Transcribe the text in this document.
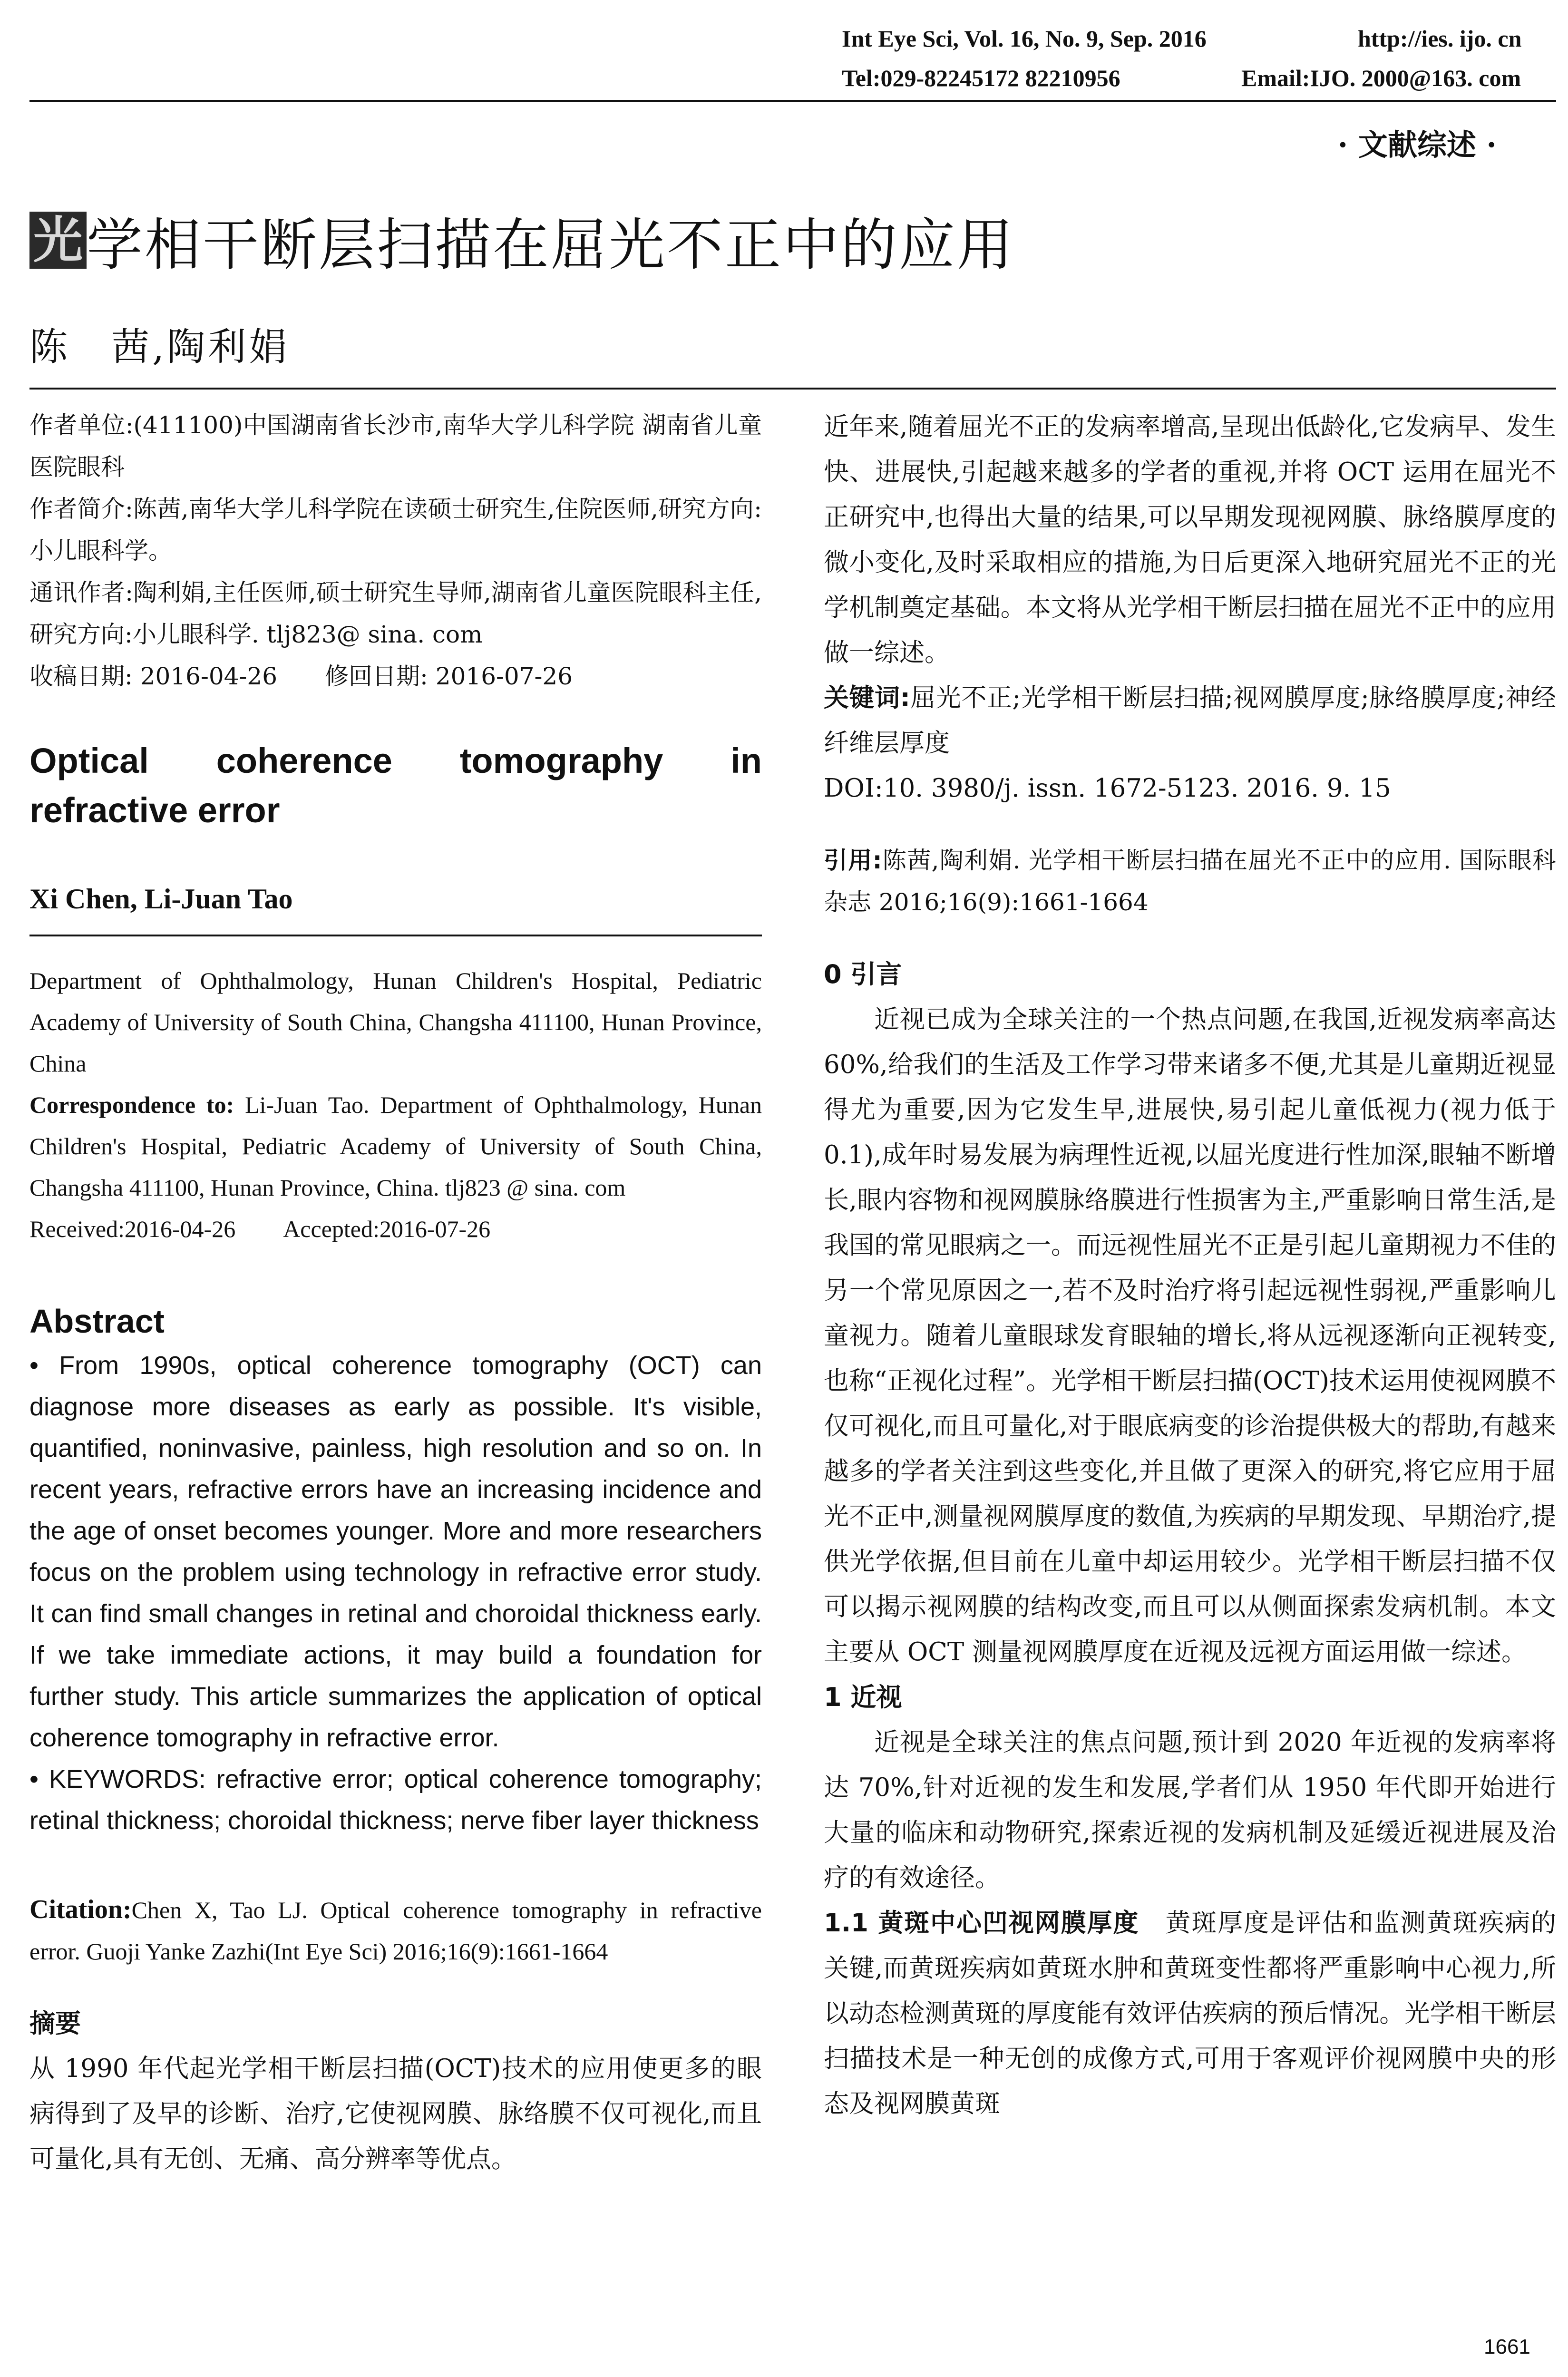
Int Eye Sci, Vol. 16, No. 9, Sep. 2016	http://ies. ijo. cn
Tel:029-82245172 82210956	Email:IJO. 2000@163. com
· 文献综述 ·
光 学相干断层扫描在屈光不正中的应用
陈　茜,陶利娟

作者单位:(411100)中国湖南省长沙市,南华大学儿科学院 湖南省儿童医院眼科

作者简介:陈茜,南华大学儿科学院在读硕士研究生,住院医师,研究方向:小儿眼科学。

通讯作者:陶利娟,主任医师,硕士研究生导师,湖南省儿童医院眼科主任,研究方向:小儿眼科学. tlj823@ sina. com

收稿日期: 2016-04-26　　修回日期: 2016-07-26

Optical coherence tomography in
refractive error
Xi Chen, Li-Juan Tao

Department of Ophthalmology, Hunan Children's Hospital, Pediatric Academy of University of South China, Changsha 411100, Hunan Province, China

Correspondence to: Li-Juan Tao. Department of Ophthalmology, Hunan Children's Hospital, Pediatric Academy of University of South China, Changsha 411100, Hunan Province, China. tlj823 @ sina. com

Received:2016-04-26　　Accepted:2016-07-26

Abstract

• From 1990s, optical coherence tomography (OCT) can diagnose more diseases as early as possible. It's visible, quantified, noninvasive, painless, high resolution and so on. In recent years, refractive errors have an increasing incidence and the age of onset becomes younger. More and more researchers focus on the problem using technology in refractive error study. It can find small changes in retinal and choroidal thickness early. If we take immediate actions, it may build a foundation for further study. This article summarizes the application of optical coherence tomography in refractive error.

• KEYWORDS: refractive error; optical coherence tomography; retinal thickness; choroidal thickness; nerve fiber layer thickness

Citation:Chen X, Tao LJ. Optical coherence tomography in refractive error. Guoji Yanke Zazhi(Int Eye Sci) 2016;16(9):1661-1664

摘要

从 1990 年代起光学相干断层扫描(OCT)技术的应用使更多的眼病得到了及早的诊断、治疗,它使视网膜、脉络膜不仅可视化,而且可量化,具有无创、无痛、高分辨率等优点。

近年来,随着屈光不正的发病率增高,呈现出低龄化,它发病早、发生快、进展快,引起越来越多的学者的重视,并将 OCT 运用在屈光不正研究中,也得出大量的结果,可以早期发现视网膜、脉络膜厚度的微小变化,及时采取相应的措施,为日后更深入地研究屈光不正的光学机制奠定基础。本文将从光学相干断层扫描在屈光不正中的应用做一综述。

关键词:屈光不正;光学相干断层扫描;视网膜厚度;脉络膜厚度;神经纤维层厚度

DOI:10. 3980/j. issn. 1672-5123. 2016. 9. 15

引用:陈茜,陶利娟. 光学相干断层扫描在屈光不正中的应用. 国际眼科杂志 2016;16(9):1661-1664

0 引言

近视已成为全球关注的一个热点问题,在我国,近视发病率高达 60%,给我们的生活及工作学习带来诸多不便,尤其是儿童期近视显得尤为重要,因为它发生早,进展快,易引起儿童低视力(视力低于 0.1),成年时易发展为病理性近视,以屈光度进行性加深,眼轴不断增长,眼内容物和视网膜脉络膜进行性损害为主,严重影响日常生活,是我国的常见眼病之一。而远视性屈光不正是引起儿童期视力不佳的另一个常见原因之一,若不及时治疗将引起远视性弱视,严重影响儿童视力。随着儿童眼球发育眼轴的增长,将从远视逐渐向正视转变,也称“正视化过程”。光学相干断层扫描(OCT)技术运用使视网膜不仅可视化,而且可量化,对于眼底病变的诊治提供极大的帮助,有越来越多的学者关注到这些变化,并且做了更深入的研究,将它应用于屈光不正中,测量视网膜厚度的数值,为疾病的早期发现、早期治疗,提供光学依据,但目前在儿童中却运用较少。光学相干断层扫描不仅可以揭示视网膜的结构改变,而且可以从侧面探索发病机制。本文主要从 OCT 测量视网膜厚度在近视及远视方面运用做一综述。

1 近视

近视是全球关注的焦点问题,预计到 2020 年近视的发病率将达 70%,针对近视的发生和发展,学者们从 1950 年代即开始进行大量的临床和动物研究,探索近视的发病机制及延缓近视进展及治疗的有效途径。

1.1 黄斑中心凹视网膜厚度　 黄斑厚度是评估和监测黄斑疾病的关键,而黄斑疾病如黄斑水肿和黄斑变性都将严重影响中心视力,所以动态检测黄斑的厚度能有效评估疾病的预后情况。光学相干断层扫描技术是一种无创的成像方式,可用于客观评价视网膜中央的形态及视网膜黄斑

1661
